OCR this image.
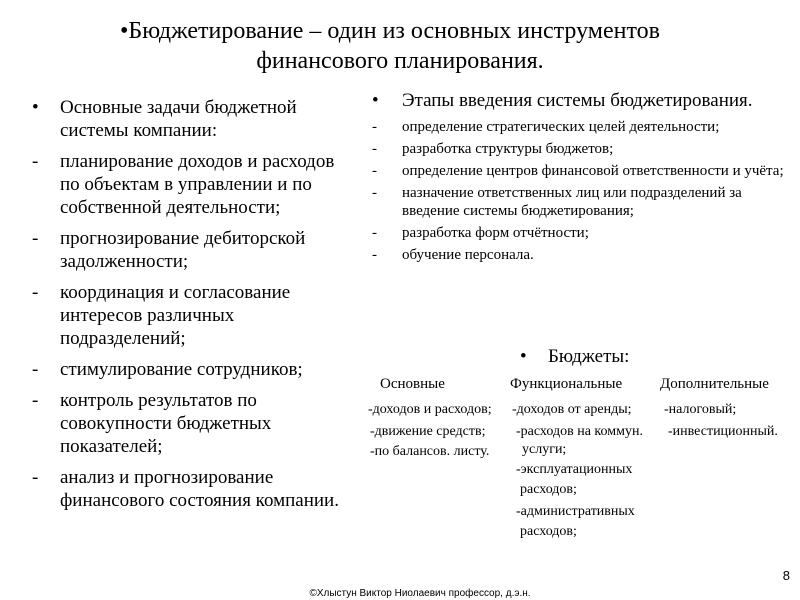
•Бюджетирование – один из основных инструментов
финансового планирования.
• Основные задачи бюджетной системы компании:
- планирование доходов и расходов по объектам в управлении и по собственной деятельности;
- прогнозирование дебиторской задолженности;
- координация и согласование интересов различных подразделений;
- стимулирование сотрудников;
- контроль результатов по совокупности бюджетных показателей;
- анализ и прогнозирование финансового состояния компании.
• Этапы введения системы бюджетирования.
- определение стратегических целей деятельности;
- разработка структуры бюджетов;
- определение центров финансовой ответственности и учёта;
- назначение ответственных лиц или подразделений за введение системы бюджетирования;
- разработка форм отчётности;
- обучение персонала.
• Бюджеты:
Основные	Функциональные	Дополнительные
-доходов и расходов;
-движение средств;
-по балансов. листу.
-доходов от аренды;
-расходов на коммун.
услуги;
-эксплуатационных
расходов;
-административных
расходов;
-налоговый;
-инвестиционный.
8
©Хлыстун Виктор Ниолаевич профессор, д.э.н.
